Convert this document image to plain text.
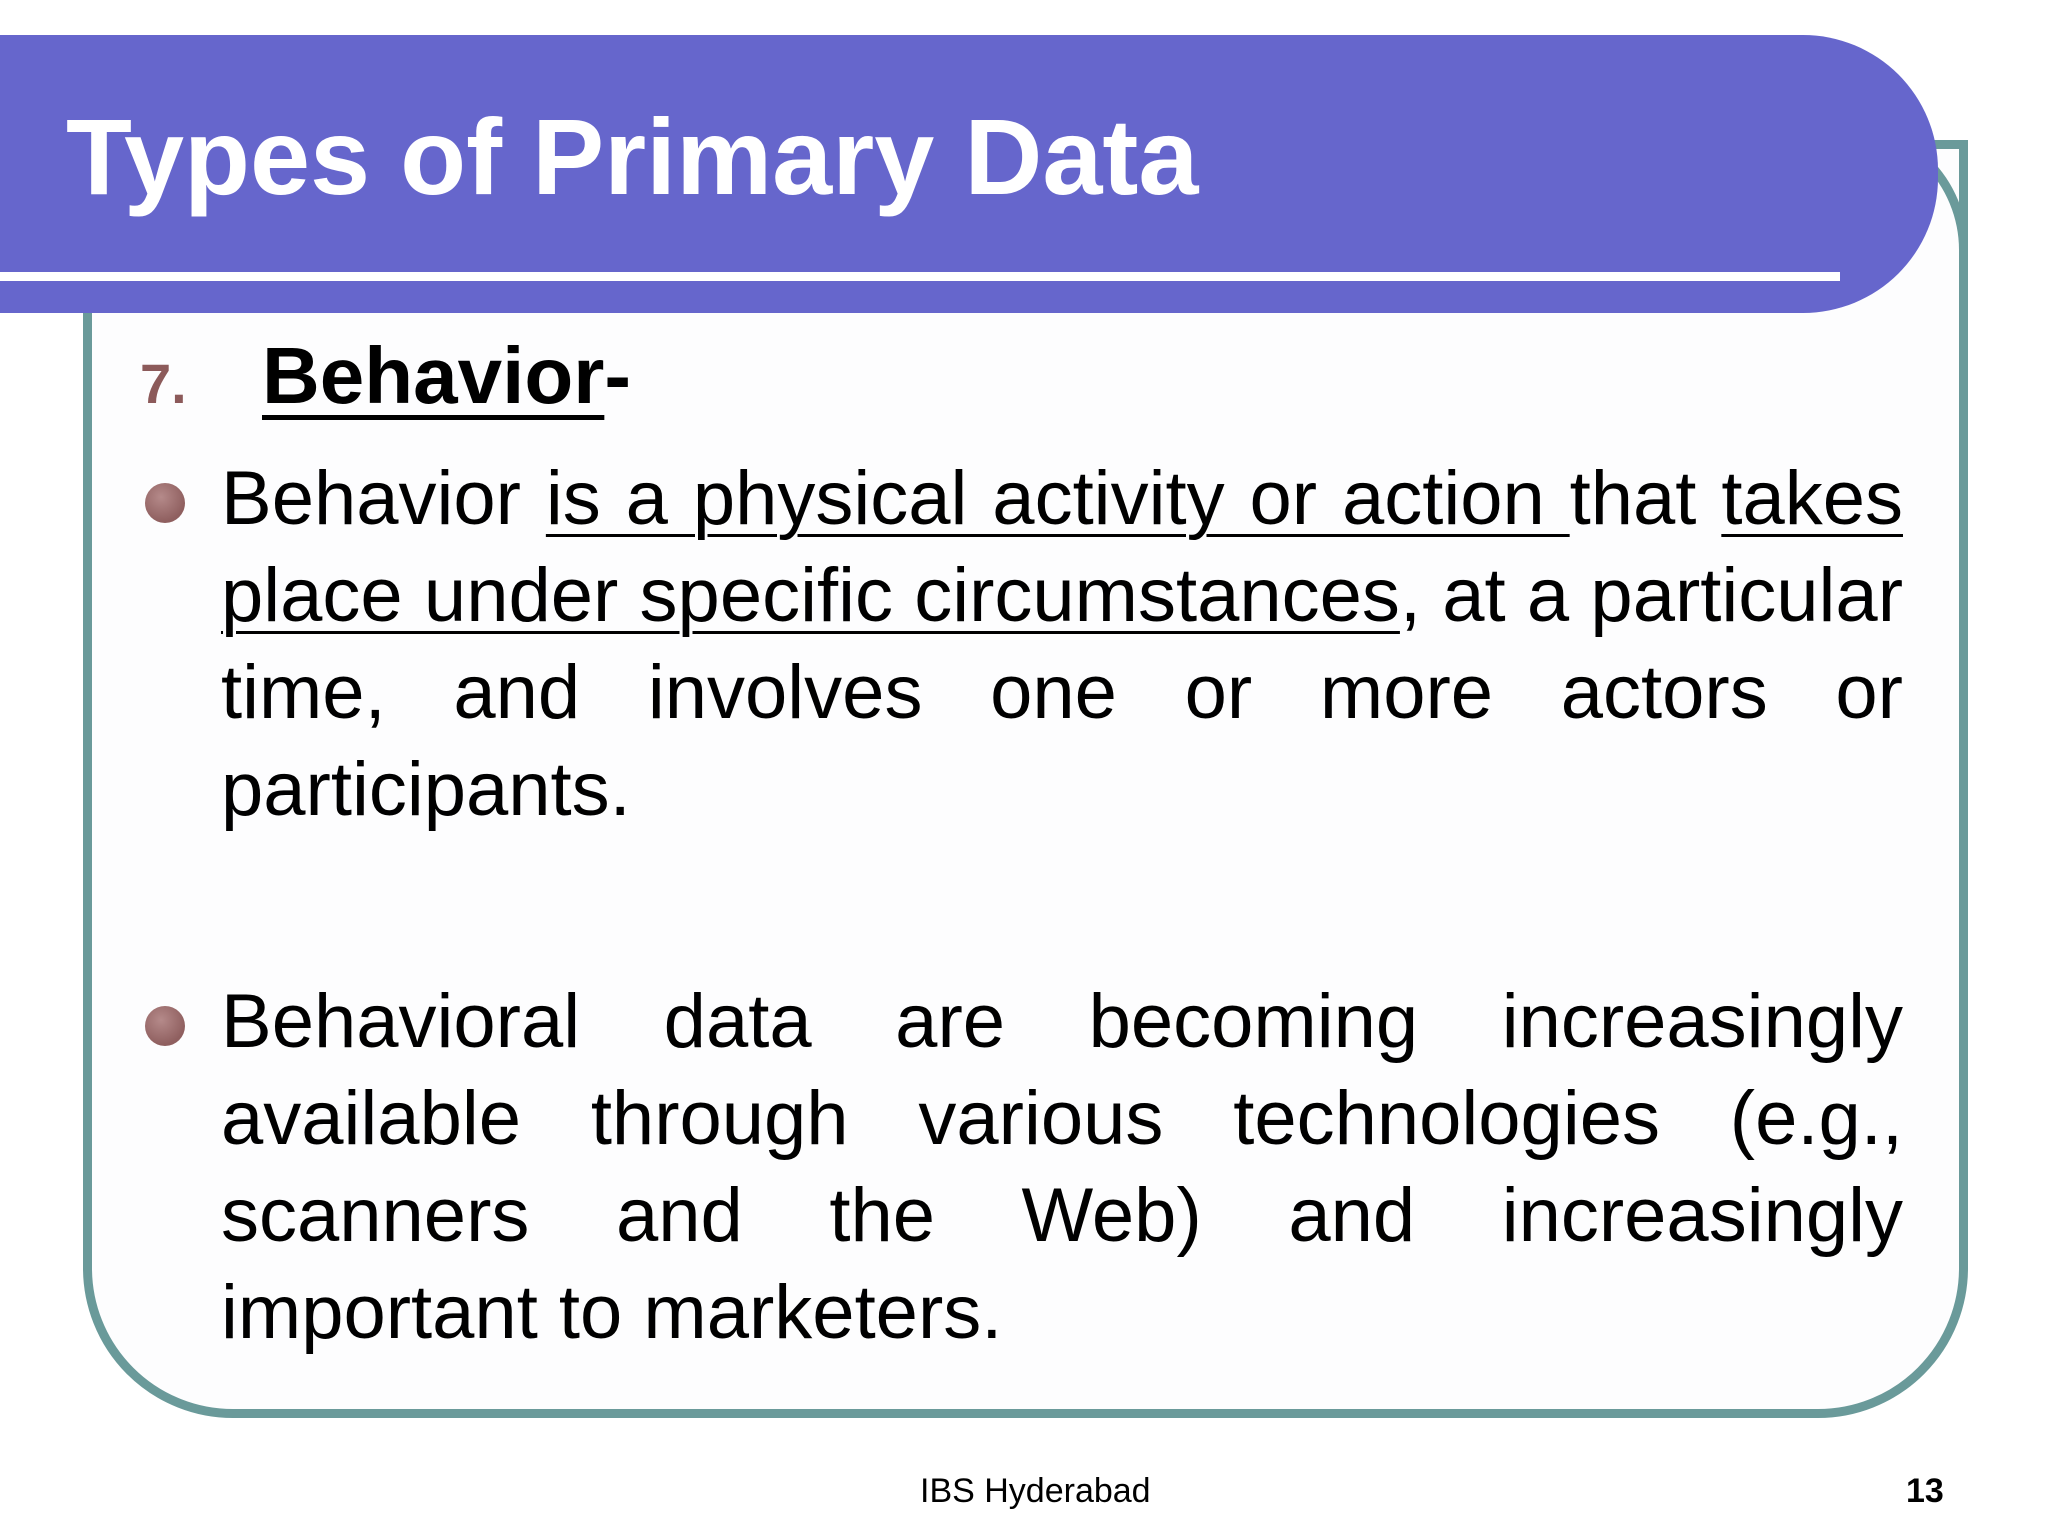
Types of Primary Data
7. Behavior-

Behavior is a physical activity or action that takes place under specific circumstances, at a particular time, and involves one or more actors or participants.

Behavioral data are becoming increasingly available through various technologies (e.g., scanners and the Web) and increasingly important to marketers.

IBS Hyderabad	13
